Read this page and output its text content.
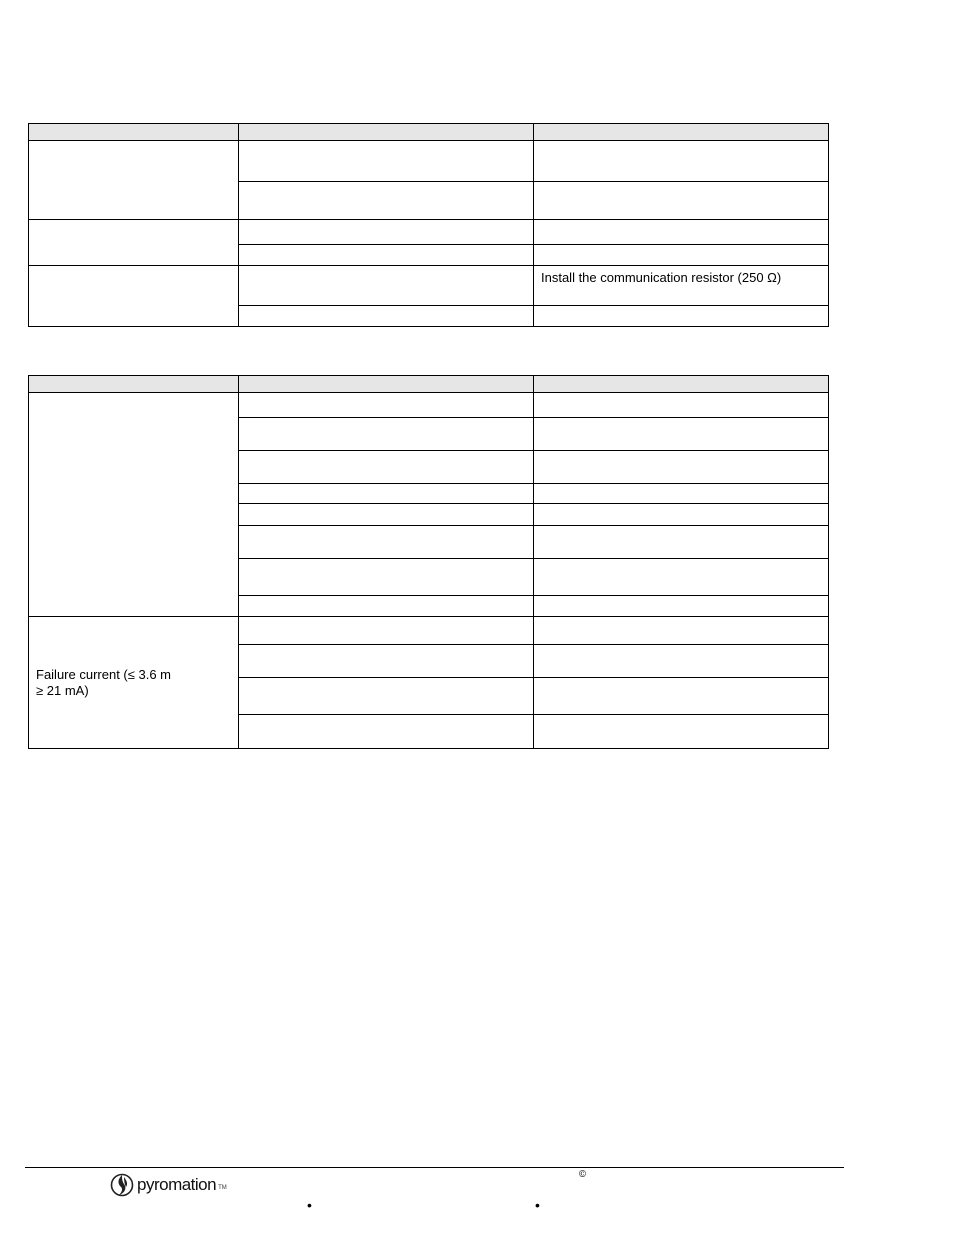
Install the communication resistor (250 Ω)
Failure current (≤ 3.6 m
≥ 21 mA)
pyromation TM
©
•	•
